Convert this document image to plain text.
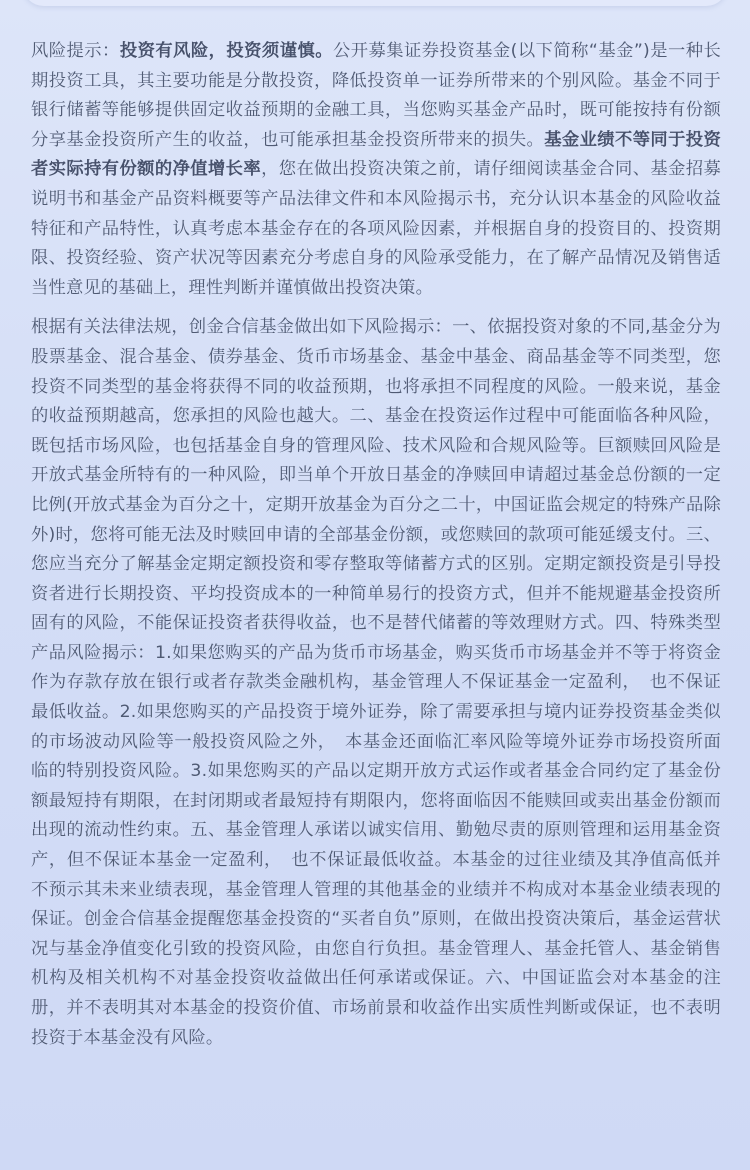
风险提示：投资有风险，投资须谨慎。公开募集证券投资基金(以下简称“基金”)是一种长期投资工具，其主要功能是分散投资，降低投资单一证券所带来的个别风险。基金不同于银行储蓄等能够提供固定收益预期的金融工具，当您购买基金产品时，既可能按持有份额分享基金投资所产生的收益，也可能承担基金投资所带来的损失。基金业绩不等同于投资者实际持有份额的净值增长率，您在做出投资决策之前，请仔细阅读基金合同、基金招募说明书和基金产品资料概要等产品法律文件和本风险揭示书，充分认识本基金的风险收益特征和产品特性，认真考虑本基金存在的各项风险因素，并根据自身的投资目的、投资期限、投资经验、资产状况等因素充分考虑自身的风险承受能力，在了解产品情况及销售适当性意见的基础上，理性判断并谨慎做出投资决策。

根据有关法律法规，创金合信基金做出如下风险揭示：一、依据投资对象的不同,基金分为股票基金、混合基金、债券基金、货币市场基金、基金中基金、商品基金等不同类型，您投资不同类型的基金将获得不同的收益预期，也将承担不同程度的风险。一般来说，基金的收益预期越高，您承担的风险也越大。二、基金在投资运作过程中可能面临各种风险，既包括市场风险，也包括基金自身的管理风险、技术风险和合规风险等。巨额赎回风险是开放式基金所特有的一种风险，即当单个开放日基金的净赎回申请超过基金总份额的一定比例(开放式基金为百分之十，定期开放基金为百分之二十，中国证监会规定的特殊产品除外)时，您将可能无法及时赎回申请的全部基金份额，或您赎回的款项可能延缓支付。三、您应当充分了解基金定期定额投资和零存整取等储蓄方式的区别。定期定额投资是引导投资者进行长期投资、平均投资成本的一种简单易行的投资方式，但并不能规避基金投资所固有的风险，不能保证投资者获得收益，也不是替代储蓄的等效理财方式。四、特殊类型产品风险揭示：1.如果您购买的产品为货币市场基金，购买货币市场基金并不等于将资金作为存款存放在银行或者存款类金融机构，基金管理人不保证基金一定盈利，　也不保证最低收益。2.如果您购买的产品投资于境外证券，除了需要承担与境内证券投资基金类似的市场波动风险等一般投资风险之外，　本基金还面临汇率风险等境外证券市场投资所面临的特别投资风险。3.如果您购买的产品以定期开放方式运作或者基金合同约定了基金份额最短持有期限，在封闭期或者最短持有期限内，您将面临因不能赎回或卖出基金份额而出现的流动性约束。五、基金管理人承诺以诚实信用、勤勉尽责的原则管理和运用基金资产，但不保证本基金一定盈利，　也不保证最低收益。本基金的过往业绩及其净值高低并不预示其未来业绩表现，基金管理人管理的其他基金的业绩并不构成对本基金业绩表现的保证。创金合信基金提醒您基金投资的“买者自负”原则，在做出投资决策后，基金运营状况与基金净值变化引致的投资风险，由您自行负担。基金管理人、基金托管人、基金销售机构及相关机构不对基金投资收益做出任何承诺或保证。六、中国证监会对本基金的注册，并不表明其对本基金的投资价值、市场前景和收益作出实质性判断或保证，也不表明投资于本基金没有风险。
